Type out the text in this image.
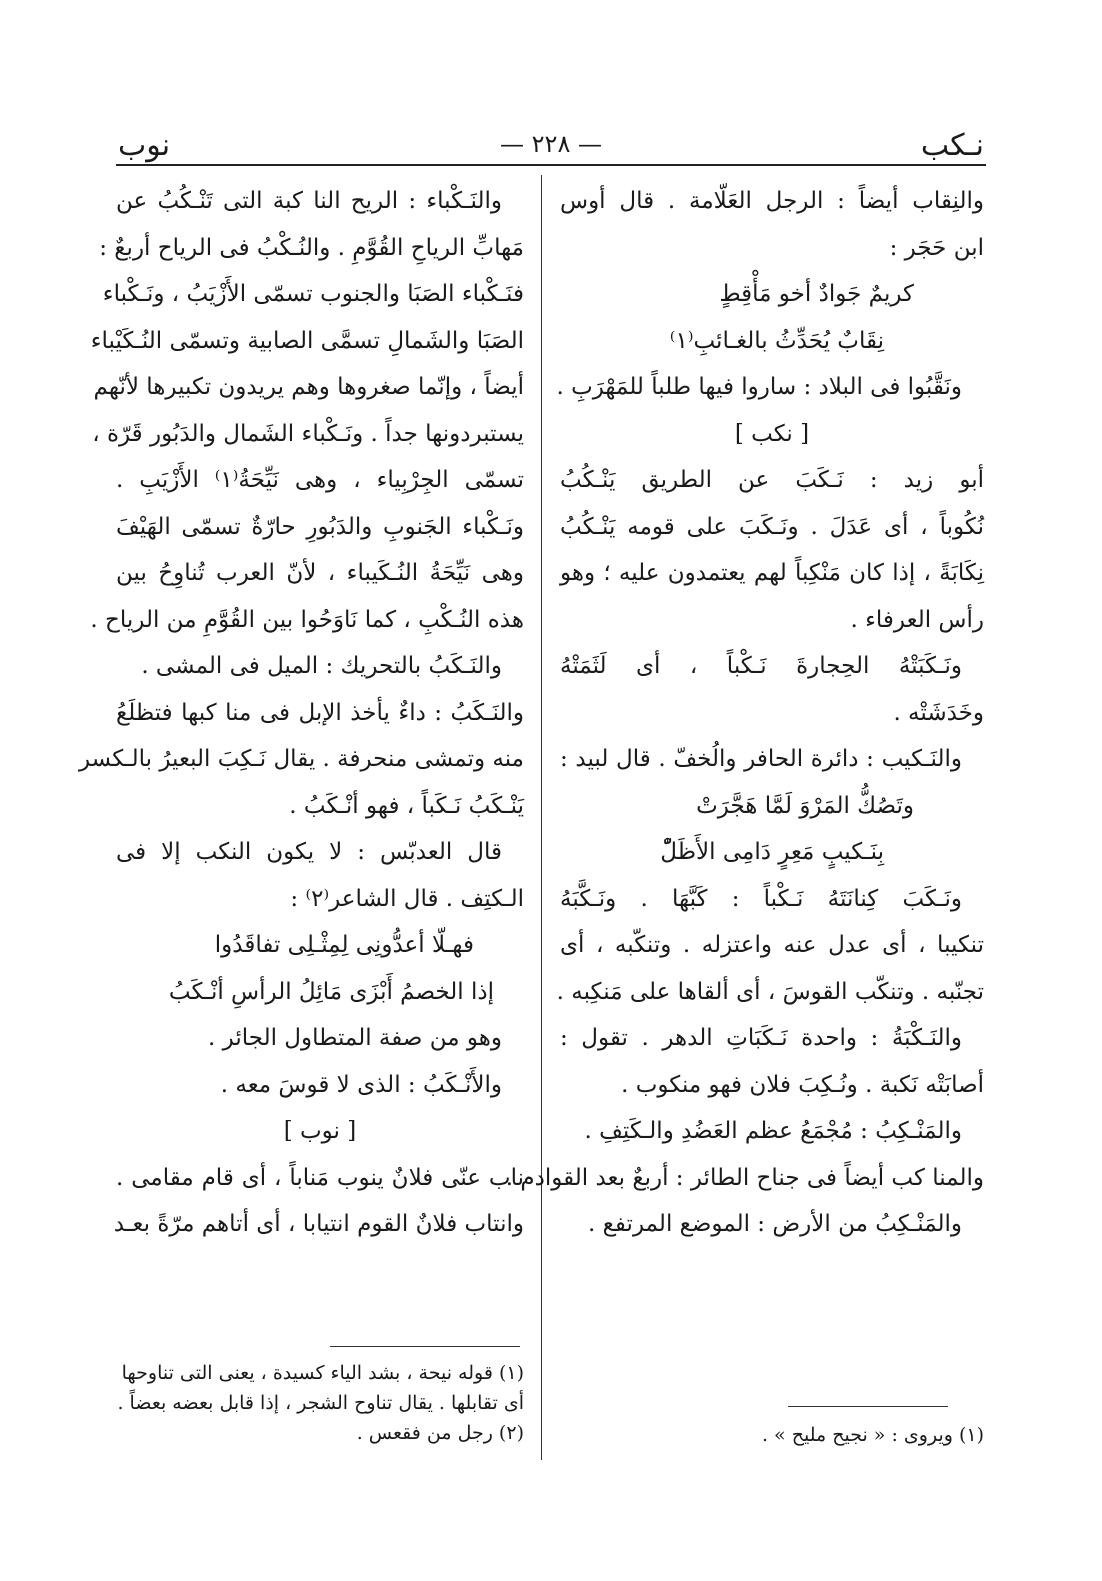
نـكب
— ٢٢٨ —
نوب
والنِقاب أيضاً : الرجل العَلّامة . قال أوس
ابن حَجَر :
كريمٌ جَوادٌ أخو مَأْقِطٍ
نِقَابٌ يُحَدِّثُ بالغـائبِ⁽١⁾
ونَقَّبُوا فى البلاد : ساروا فيها طلباً للمَهْرَبِ .
[ نكب ]
أبو زيد : نَـكَبَ عن الطريق يَنْـكُبُ
نُكُوباً ، أى عَدَلَ . ونَـكَبَ على قومه يَنْـكُبُ
نِكَابَةً ، إذا كان مَنْكِباً لهم يعتمدون عليه ؛ وهو
رأس العرفاء .
ونَـكَبَتْهُ الحِجارةَ نَـكْباً ، أى لَثَمَتْهُ
وخَدَشَتْه .
والنَـكيب : دائرة الحافر والُخفّ . قال لبيد :
وتَصُكُّ المَرْوَ لَمَّا هَجَّرَتْ
بِنَـكيبٍ مَعِرٍ دَامِى الأَظَلّْ
ونَـكَبَ كِنانَتَهُ نَـكْباً : كَبَّهَا . ونَـكَّبَهُ
تنكيبا ، أى عدل عنه واعتزله . وتنكّبه ، أى
تجنّبه . وتنكّب القوسَ ، أى ألقاها على مَنكِبه .
والنَـكْبَةُ : واحدة نَـكَبَاتِ الدهر . تقول :
أصابَتْه نَكبة . ونُـكِبَ فلان فهو منكوب .
والمَنْـكِبُ : مُجْمَعُ عظم العَضُدِ والـكَتِفِ .
والمنا كب أيضاً فى جناح الطائر : أربعٌ بعد القوادم .
والمَنْـكِبُ من الأرض : الموضع المرتفع .
والنَـكْباء : الريح النا كبة التى تَنْـكُبُ عن
مَهابِّ الرياحِ القُوَّمِ . والنُـكْبُ فى الرياح أربعٌ :
فنَـكْباء الصَبَا والجنوب تسمّى الأَزْيَبُ ، ونَـكْباء
الصَبَا والشَمالِ تسمَّى الصابية وتسمّى النُـكَيْباء
أيضاً ، وإنّما صغروها وهم يريدون تكبيرها لأنّهم
يستبردونها جداً . ونَـكْباء الشَمال والدَبُور قَرّة ،
تسمّى الجِرْبِياء ، وهى نَيِّحَةُ⁽١⁾ الأَزْيَبِ .
ونَـكْباء الجَنوبِ والدَبُورِ حارّةٌ تسمّى الهَيْفَ
وهى نَيِّحَةُ النُـكَيباء ، لأنّ العرب تُناوِحُ بين
هذه النُـكْبِ ، كما نَاوَحُوا بين القُوَّمِ من الرياح .
والنَـكَبُ بالتحريك : الميل فى المشى .
والنَـكَبُ : داءٌ يأخذ الإبل فى منا كبها فتظلَعُ
منه وتمشى منحرفة . يقال نَـكِبَ البعيرُ بالـكسر
يَنْـكَبُ نَـكَباً ، فهو أنْـكَبُ .
قال العدبّس : لا يكون النكب إلا فى
الـكتِف . قال الشاعر⁽٢⁾ :
فهـلّا أعدُّونِى لِمِثْـلِى تفاقَدُوا
إذا الخصمُ أَبْزَى مَائِلُ الرأسِ أنْـكَبُ
وهو من صفة المتطاول الجائر .
والأَنْـكَبُ : الذى لا قوسَ معه .
[ نوب ]
ناب عنّى فلانٌ ينوب مَناباً ، أى قام مقامى .
وانتاب فلانٌ القوم انتيابا ، أى أتاهم مرّةً بعـد
(١) ويروى : « نجيح مليح » .
(١) قوله نيحة ، بشد الياء كسيدة ، يعنى التى تناوحها
أى تقابلها . يقال تناوح الشجر ، إذا قابل بعضه بعضاً .
(٢) رجل من فقعس .
